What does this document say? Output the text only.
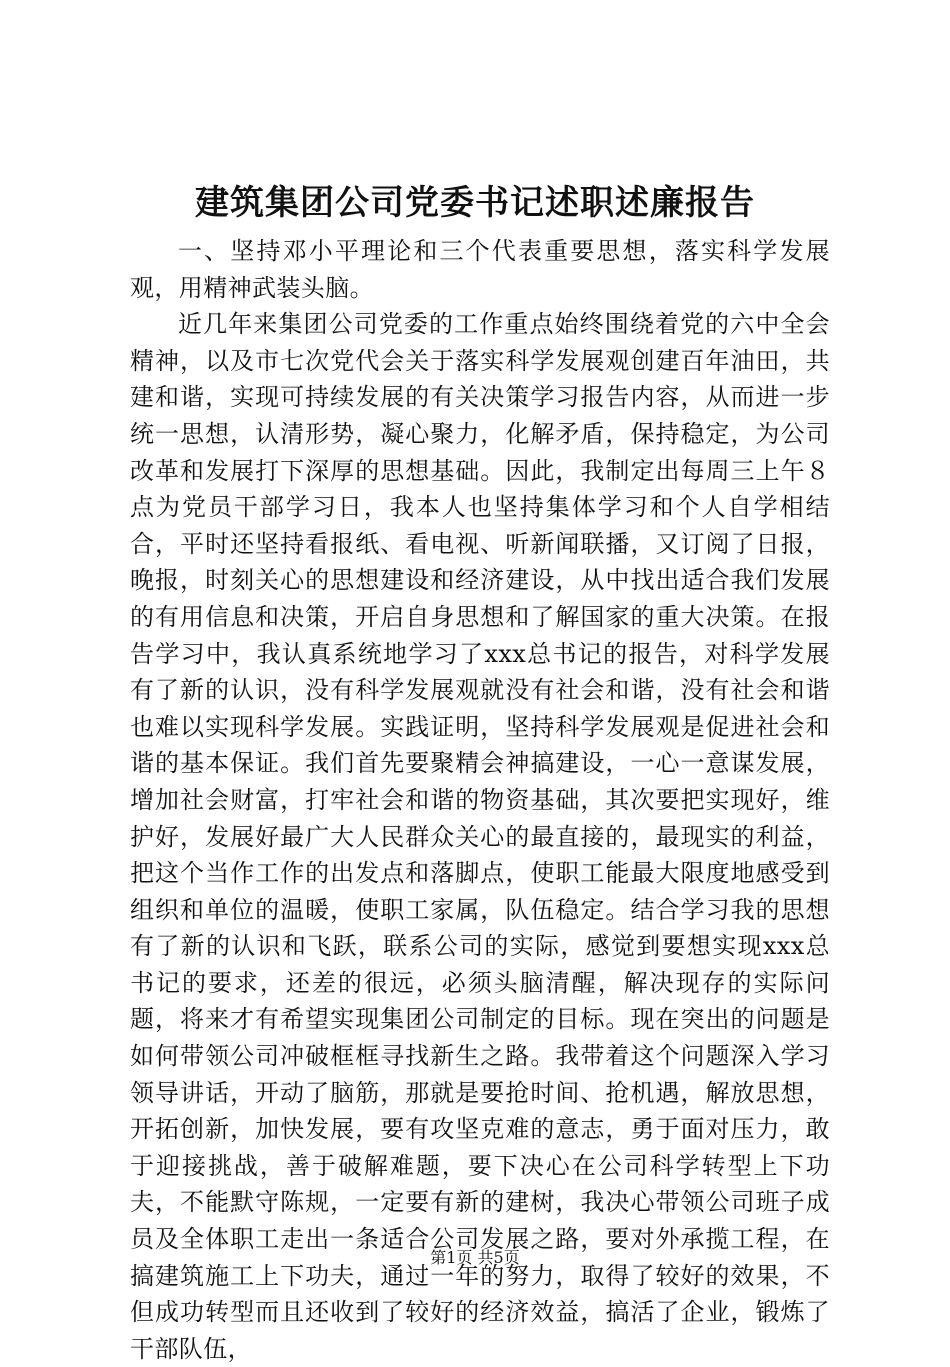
建筑集团公司党委书记述职述廉报告

一、坚持邓小平理论和三个代表重要思想，落实科学发展观，用精神武装头脑。

近几年来集团公司党委的工作重点始终围绕着党的六中全会精神，以及市七次党代会关于落实科学发展观创建百年油田，共建和谐，实现可持续发展的有关决策学习报告内容，从而进一步统一思想，认清形势，凝心聚力，化解矛盾，保持稳定，为公司改革和发展打下深厚的思想基础。因此，我制定出每周三上午８点为党员干部学习日，我本人也坚持集体学习和个人自学相结合，平时还坚持看报纸、看电视、听新闻联播，又订阅了日报，晚报，时刻关心的思想建设和经济建设，从中找出适合我们发展的有用信息和决策，开启自身思想和了解国家的重大决策。在报告学习中，我认真系统地学习了xxx总书记的报告，对科学发展有了新的认识，没有科学发展观就没有社会和谐，没有社会和谐也难以实现科学发展。实践证明，坚持科学发展观是促进社会和谐的基本保证。我们首先要聚精会神搞建设，一心一意谋发展，增加社会财富，打牢社会和谐的物资基础，其次要把实现好，维护好，发展好最广大人民群众关心的最直接的，最现实的利益，把这个当作工作的出发点和落脚点，使职工能最大限度地感受到组织和单位的温暖，使职工家属，队伍稳定。结合学习我的思想有了新的认识和飞跃，联系公司的实际，感觉到要想实现xxx总书记的要求，还差的很远，必须头脑清醒，解决现存的实际问题，将来才有希望实现集团公司制定的目标。现在突出的问题是如何带领公司冲破框框寻找新生之路。我带着这个问题深入学习领导讲话，开动了脑筋，那就是要抢时间、抢机遇，解放思想，开拓创新，加快发展，要有攻坚克难的意志，勇于面对压力，敢于迎接挑战，善于破解难题，要下决心在公司科学转型上下功夫，不能默守陈规，一定要有新的建树，我决心带领公司班子成员及全体职工走出一条适合公司发展之路，要对外承揽工程，在搞建筑施工上下功夫，通过一年的努力，取得了较好的效果，不但成功转型而且还收到了较好的经济效益，搞活了企业，锻炼了干部队伍，

第1页 共5页
